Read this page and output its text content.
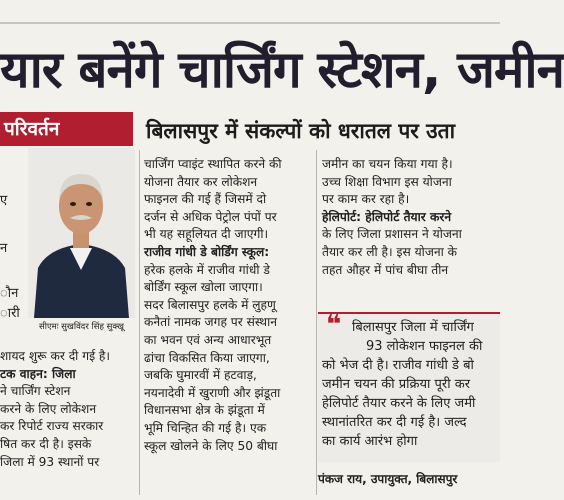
यार बनेंगे चार्जिंग स्टेशन, जमीन
परिवर्तन	बिलासपुर में संकल्पों को धरातल पर उता
ए
न
ौन
ारी
सीएमः सुखविंदर सिंह सुक्खू

शायद शुरू कर दी गई है।

टक वाहन: जिला

ने चार्जिंग स्टेशन

करने के लिए लोकेशन

कर रिपोर्ट राज्य सरकार

षित कर दी है। इसके

जिला में 93 स्थानों पर

चार्जिंग प्वाइंट स्थापित करने की

योजना तैयार कर लोकेशन

फाइनल की गई हैं जिसमें दो

दर्जन से अधिक पेट्रोल पंपों पर

भी यह सहूलियत दी जाएगी।

राजीव गांधी डे बोर्डिंग स्कूल:

हरेक हलके में राजीव गांधी डे

बोर्डिंग स्कूल खोला जाएगा।

सदर बिलासपुर हलके में लुहणू

कनैतां नामक जगह पर संस्थान

का भवन एवं अन्य आधारभूत

ढांचा विकसित किया जाएगा,

जबकि घुमारवीं में हटवाड़,

नयनादेवी में खुराणी और झंडूता

विधानसभा क्षेत्र के झंडूता में

भूमि चिन्हित की गई है। एक

स्कूल खोलने के लिए 50 बीघा

जमीन का चयन किया गया है।

उच्च शिक्षा विभाग इस योजना

पर काम कर रहा है।

हेलिपोर्ट: हेलिपोर्ट तैयार करने

के लिए जिला प्रशासन ने योजना

तैयार कर ली है। इस योजना के

तहत औहर में पांच बीघा तीन

❝ बिलासपुर जिला में चार्जिंग

93 लोकेशन फाइनल की

को भेज दी है। राजीव गांधी डे बो

जमीन चयन की प्रक्रिया पूरी कर

हेलिपोर्ट तैयार करने के लिए जमी

स्थानांतरित कर दी गई है। जल्द

का कार्य आरंभ होगा

पंकज राय, उपायुक्त, बिलासपुर
